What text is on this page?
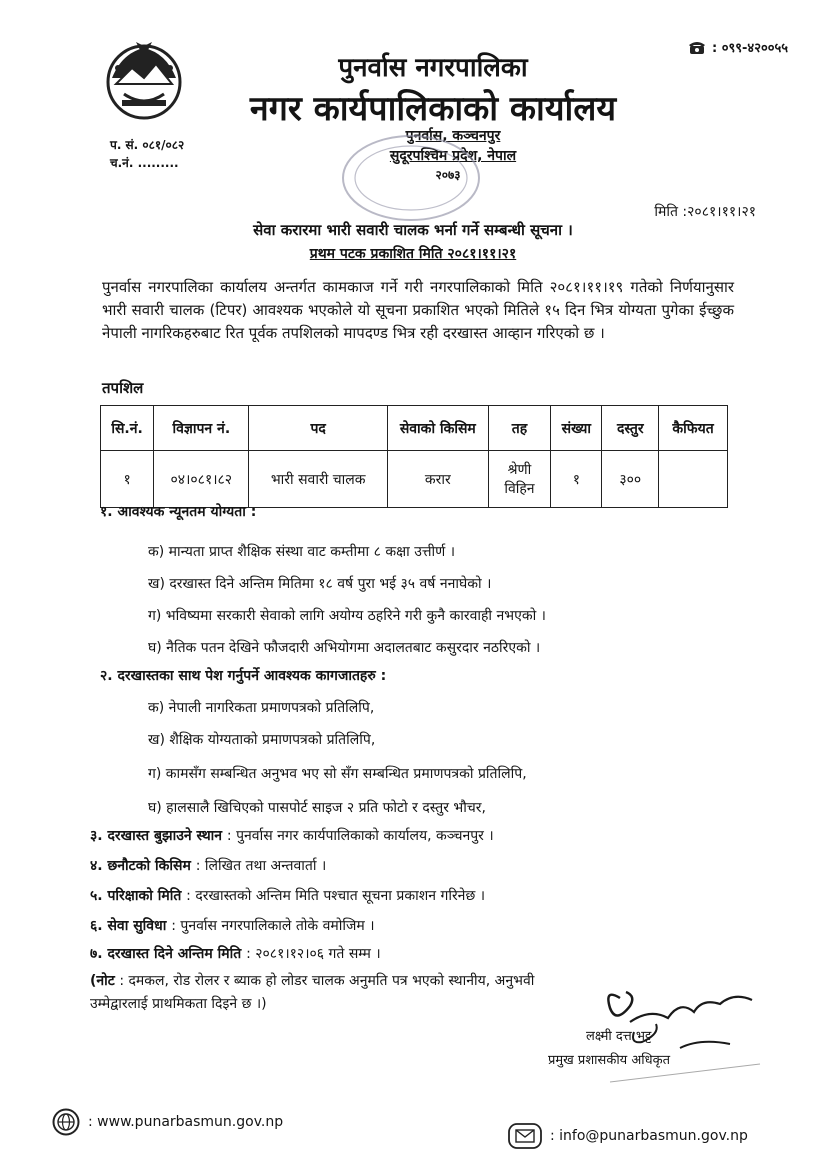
: ०९९-४२००५५
पुनर्वास नगरपालिका
नगर कार्यपालिकाको कार्यालय
पुनर्वास, कञ्चनपुर
सुदूरपश्चिम प्रदेश, नेपाल
२०७३
प. सं. ०८१/०८२
च.नं. .........
मिति :२०८१।११।२१
सेवा करारमा भारी सवारी चालक भर्ना गर्ने सम्बन्धी सूचना ।
प्रथम पटक प्रकाशित मिति २०८१।११।२१
पुनर्वास नगरपालिका कार्यालय अन्तर्गत कामकाज गर्ने गरी नगरपालिकाको मिति २०८१।११।१९ गतेको निर्णयानुसार भारी सवारी चालक (टिपर) आवश्यक भएकोले यो सूचना प्रकाशित भएको मितिले १५ दिन भित्र योग्यता पुगेका ईच्छुक नेपाली नागरिकहरुबाट रित पूर्वक तपशिलको मापदण्ड भित्र रही दरखास्त आव्हान गरिएको छ ।
तपशिल
सि.नं.	विज्ञापन नं.	पद	सेवाको किसिम	तह	संख्या	दस्तुर	कैफियत
१	०४।०८१।८२	भारी सवारी चालक	करार	श्रेणी विहिन	१	३००	
१. आवश्यक न्यूनतम योग्यता :
क) मान्यता प्राप्त शैक्षिक संस्था वाट कम्तीमा ८ कक्षा उत्तीर्ण ।
ख) दरखास्त दिने अन्तिम मितिमा १८ वर्ष पुरा भई ३५ वर्ष ननाघेको ।
ग) भविष्यमा सरकारी सेवाको लागि अयोग्य ठहरिने गरी कुनै कारवाही नभएको ।
घ) नैतिक पतन देखिने फौजदारी अभियोगमा अदालतबाट कसुरदार नठरिएको ।
२. दरखास्तका साथ पेश गर्नुपर्ने आवश्यक कागजातहरु :
क) नेपाली नागरिकता प्रमाणपत्रको प्रतिलिपि,
ख) शैक्षिक योग्यताको प्रमाणपत्रको प्रतिलिपि,
ग) कामसँग सम्बन्धित अनुभव भए सो सँग सम्बन्धित प्रमाणपत्रको प्रतिलिपि,
घ) हालसालै खिचिएको पासपोर्ट साइज २ प्रति फोटो र दस्तुर भौचर,
३. दरखास्त बुझाउने स्थान : पुनर्वास नगर कार्यपालिकाको कार्यालय, कञ्चनपुर ।
४. छनौटको किसिम : लिखित तथा अन्तवार्ता ।
५. परिक्षाको मिति : दरखास्तको अन्तिम मिति पश्चात सूचना प्रकाशन गरिनेछ ।
६. सेवा सुविधा : पुनर्वास नगरपालिकाले तोके वमोजिम ।
७. दरखास्त दिने अन्तिम मिति : २०८१।१२।०६ गते सम्म ।
(नोट : दमकल, रोड रोलर र ब्याक हो लोडर चालक अनुमति पत्र भएको स्थानीय, अनुभवी उम्मेद्वारलाई प्राथमिकता दिइने छ ।)
लक्ष्मी दत्त भट्ट
प्रमुख प्रशासकीय अधिकृत
: www.punarbasmun.gov.np
: info@punarbasmun.gov.np
